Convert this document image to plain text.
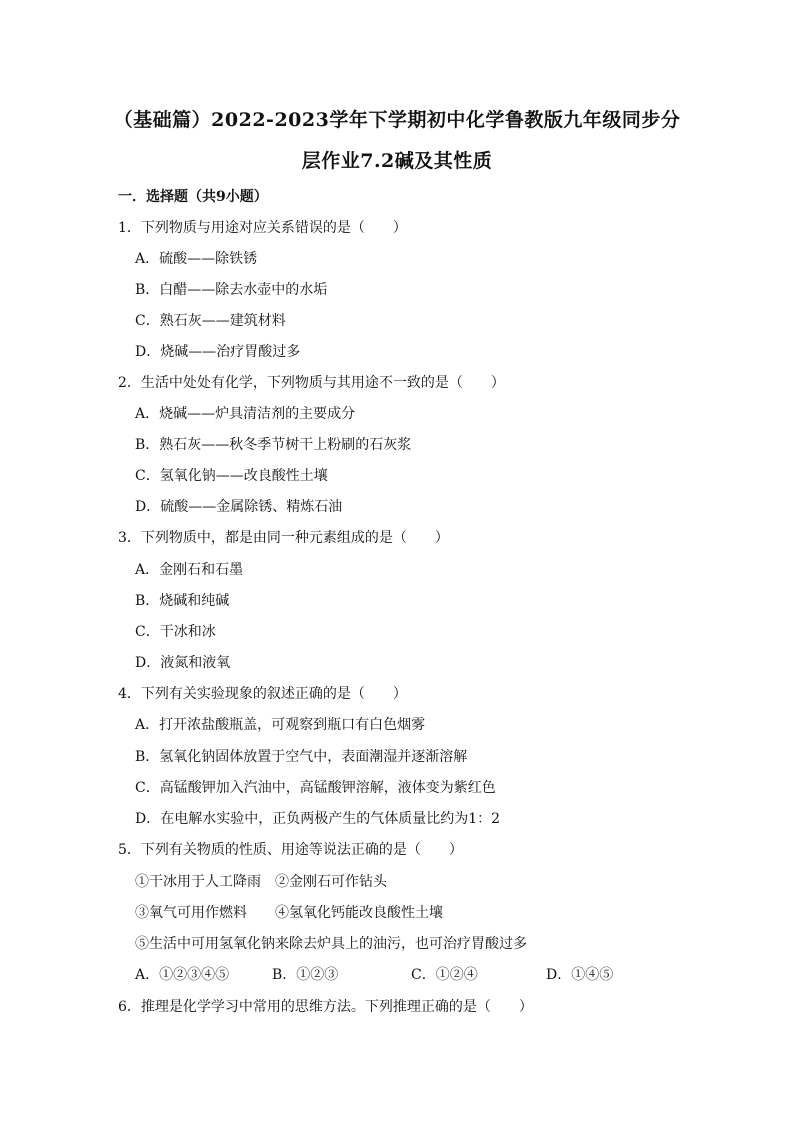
（基础篇）2022-2023学年下学期初中化学鲁教版九年级同步分
层作业7.2碱及其性质
一．选择题（共9小题）
1．下列物质与用途对应关系错误的是（　　）
A．硫酸——除铁锈
B．白醋——除去水壶中的水垢
C．熟石灰——建筑材料
D．烧碱——治疗胃酸过多
2．生活中处处有化学，下列物质与其用途不一致的是（　　）
A．烧碱——炉具清洁剂的主要成分
B．熟石灰——秋冬季节树干上粉刷的石灰浆
C．氢氧化钠——改良酸性土壤
D．硫酸——金属除锈、精炼石油
3．下列物质中，都是由同一种元素组成的是（　　）
A．金刚石和石墨
B．烧碱和纯碱
C．干冰和冰
D．液氮和液氧
4．下列有关实验现象的叙述正确的是（　　）
A．打开浓盐酸瓶盖，可观察到瓶口有白色烟雾
B．氢氧化钠固体放置于空气中，表面潮湿并逐渐溶解
C．高锰酸钾加入汽油中，高锰酸钾溶解，液体变为紫红色
D．在电解水实验中，正负两极产生的气体质量比约为1：2
5．下列有关物质的性质、用途等说法正确的是（　　）
①干冰用于人工降雨　②金刚石可作钻头
③氧气可用作燃料　　④氢氧化钙能改良酸性土壤
⑤生活中可用氢氧化钠来除去炉具上的油污，也可治疗胃酸过多
A．①②③④⑤	B．①②③	C．①②④	D．①④⑤
6．推理是化学学习中常用的思维方法。下列推理正确的是（　　）
